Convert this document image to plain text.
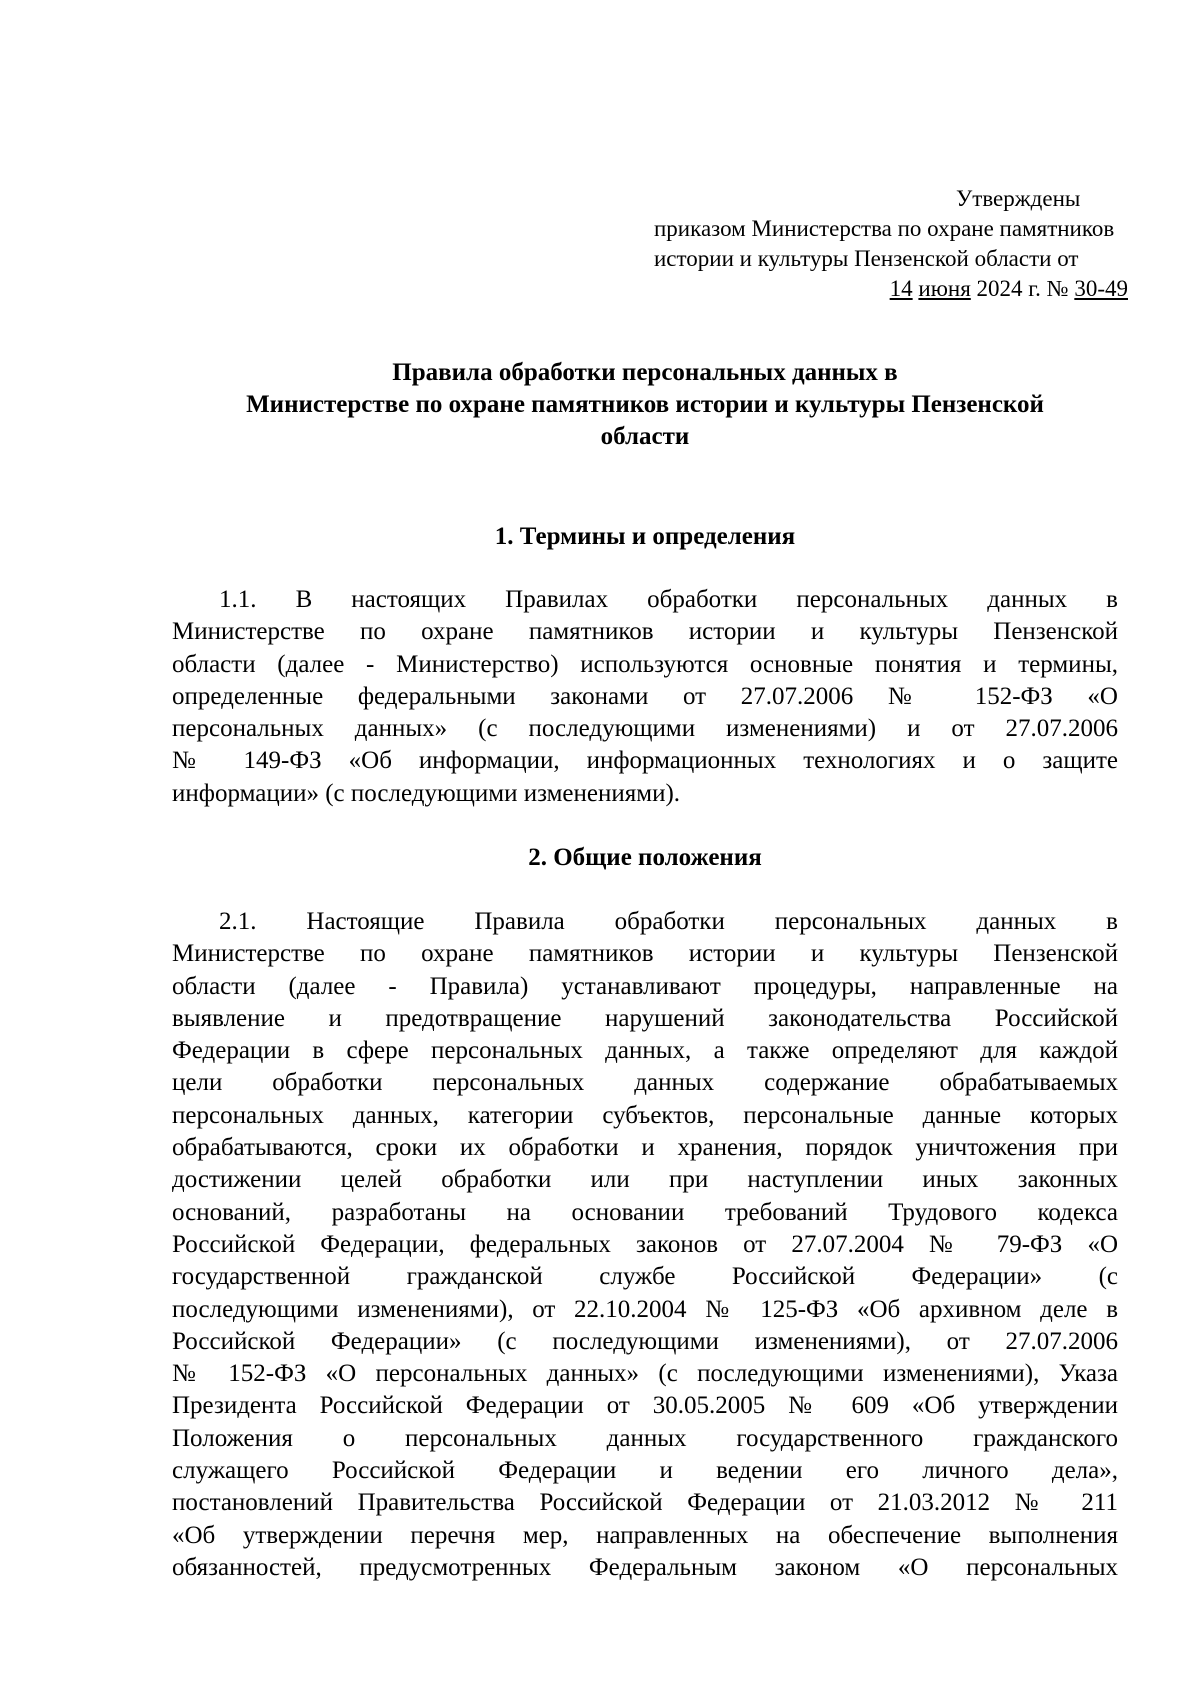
Утверждены
приказом Министерства по охране памятников
истории и культуры Пензенской области от
14 июня 2024 г. № 30-49
Правила обработки персональных данных в
Министерстве по охране памятников истории и культуры Пензенской
области
1. Термины и определения
1.1. В настоящих Правилах обработки персональных данных в
Министерстве по охране памятников истории и культуры Пензенской
области (далее - Министерство) используются основные понятия и термины,
определенные федеральными законами от 27.07.2006 № 152-ФЗ «О
персональных данных» (с последующими изменениями) и от 27.07.2006
№ 149-ФЗ «Об информации, информационных технологиях и о защите
информации» (с последующими изменениями).
2. Общие положения
2.1. Настоящие Правила обработки персональных данных в
Министерстве по охране памятников истории и культуры Пензенской
области (далее - Правила) устанавливают процедуры, направленные на
выявление и предотвращение нарушений законодательства Российской
Федерации в сфере персональных данных, а также определяют для каждой
цели обработки персональных данных содержание обрабатываемых
персональных данных, категории субъектов, персональные данные которых
обрабатываются, сроки их обработки и хранения, порядок уничтожения при
достижении целей обработки или при наступлении иных законных
оснований, разработаны на основании требований Трудового кодекса
Российской Федерации, федеральных законов от 27.07.2004 № 79-ФЗ «О
государственной гражданской службе Российской Федерации» (с
последующими изменениями), от 22.10.2004 № 125-ФЗ «Об архивном деле в
Российской Федерации» (с последующими изменениями), от 27.07.2006
№ 152-ФЗ «О персональных данных» (с последующими изменениями), Указа
Президента Российской Федерации от 30.05.2005 № 609 «Об утверждении
Положения о персональных данных государственного гражданского
служащего Российской Федерации и ведении его личного дела»,
постановлений Правительства Российской Федерации от 21.03.2012 № 211
«Об утверждении перечня мер, направленных на обеспечение выполнения
обязанностей, предусмотренных Федеральным законом «О персональных
